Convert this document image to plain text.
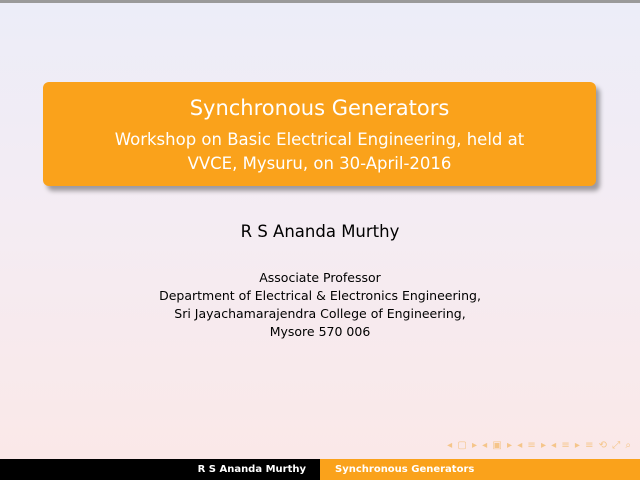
Synchronous Generators
Workshop on Basic Electrical Engineering, held at
VVCE, Mysuru, on 30-April-2016
R S Ananda Murthy
Associate Professor
Department of Electrical & Electronics Engineering,
Sri Jayachamarajendra College of Engineering,
Mysore 570 006
◂ ▢ ▸ ◂ ▣ ▸ ◂ ≡ ▸ ◂ ≡ ▸ ≡ ⟲ ⤢ ⌕
R S Ananda Murthy	Synchronous Generators
